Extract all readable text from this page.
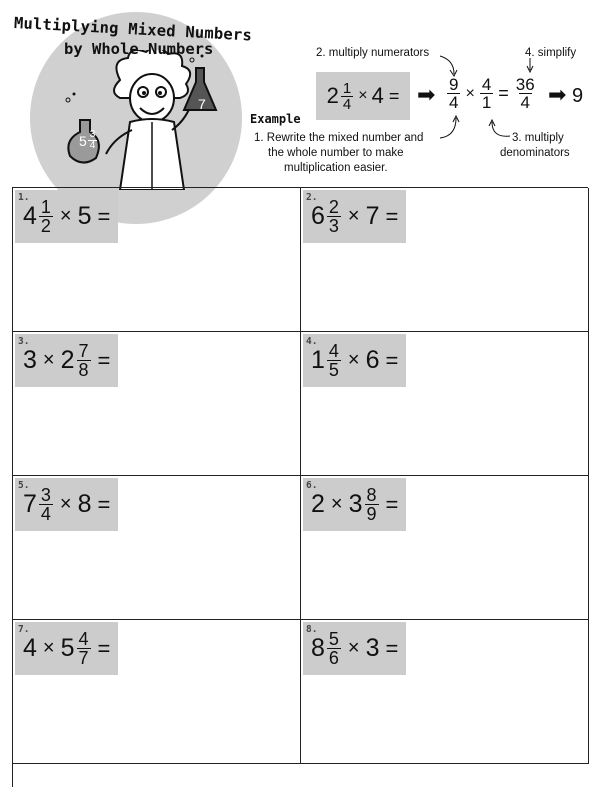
$5 \frac{3}{4}$
7
Multiplying Mixed Numbers
by Whole Numbers
Example
$2 \frac{1}{4} \times 4$ = ➡ $\frac{9}{4} \times \frac{4}{1} = \frac{36}{4}$ ➡ 9
2. multiply numerators	4. simplify
1. Rewrite the mixed number and
the whole number to make
multiplication easier.
3. multiply
denominators
1.
$4 \frac{1}{2} \times 5$ =
2.
$6 \frac{2}{3} \times 7$ =
3.
$3 \times 2 \frac{7}{8}$ =
4.
$1 \frac{4}{5} \times 6$ =
5.
$7 \frac{3}{4} \times 8$ =
6.
$2 \times 3 \frac{8}{9}$ =
7.
$4 \times 5 \frac{4}{7}$ =
8.
$8 \frac{5}{6} \times 3$ =
